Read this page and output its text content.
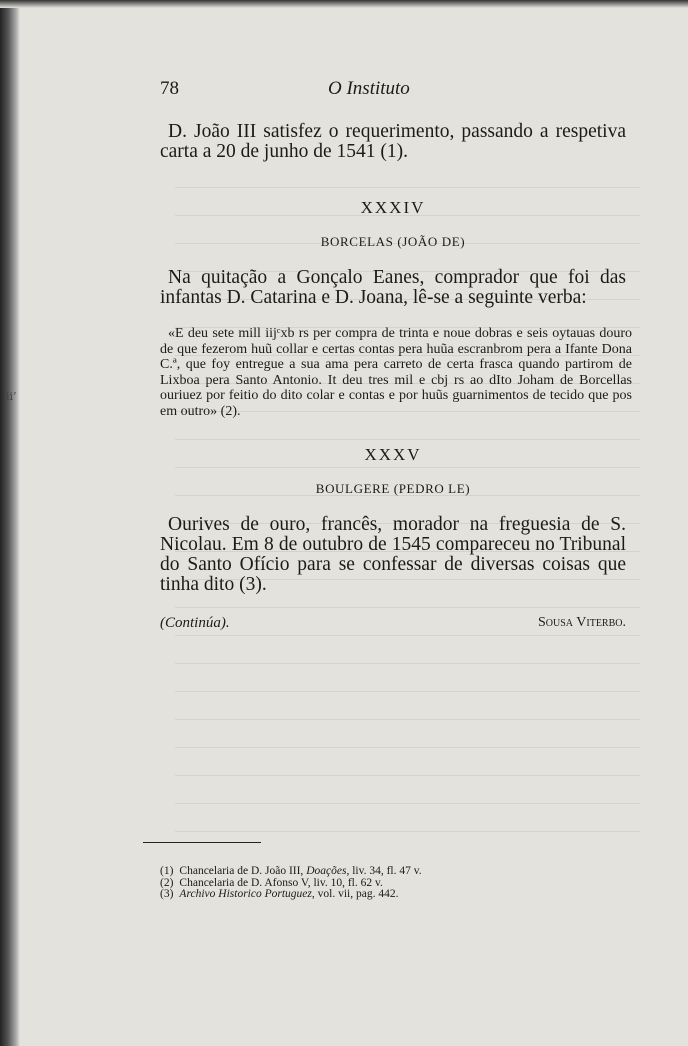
ii’
78	O Instituto

D. João III satisfez o requerimento, passando a respetiva carta a 20 de junho de 1541 (1).

XXXIV
BORCELAS (JOÃO DE)

Na quitação a Gonçalo Eanes, comprador que foi das infantas D. Catarina e D. Joana, lê-se a seguinte verba:

«E deu sete mill iijᶜxb rs per compra de trinta e noue dobras e seis oytauas douro de que fezerom huũ collar e certas contas pera huũa escranbrom pera a Ifante Dona C.ª, que foy entregue a sua ama pera carreto de certa frasca quando partirom de Lixboa pera Santo Antonio. It deu tres mil e cbj rs ao dIto Joham de Borcellas ouriuez por feitio do dito colar e contas e por huũs guarnimentos de tecido que pos em outro» (2).

XXXV
BOULGERE (PEDRO LE)

Ourives de ouro, francês, morador na freguesia de S. Nicolau. Em 8 de outubro de 1545 compareceu no Tribunal do Santo Ofício para se confessar de diversas coisas que tinha dito (3).

(Continúa).	Sousa Viterbo.
(1) Chancelaria de D. João III, Doações, liv. 34, fl. 47 v.
(2) Chancelaria de D. Afonso V, liv. 10, fl. 62 v.
(3) Archivo Historico Portuguez, vol. vii, pag. 442.
